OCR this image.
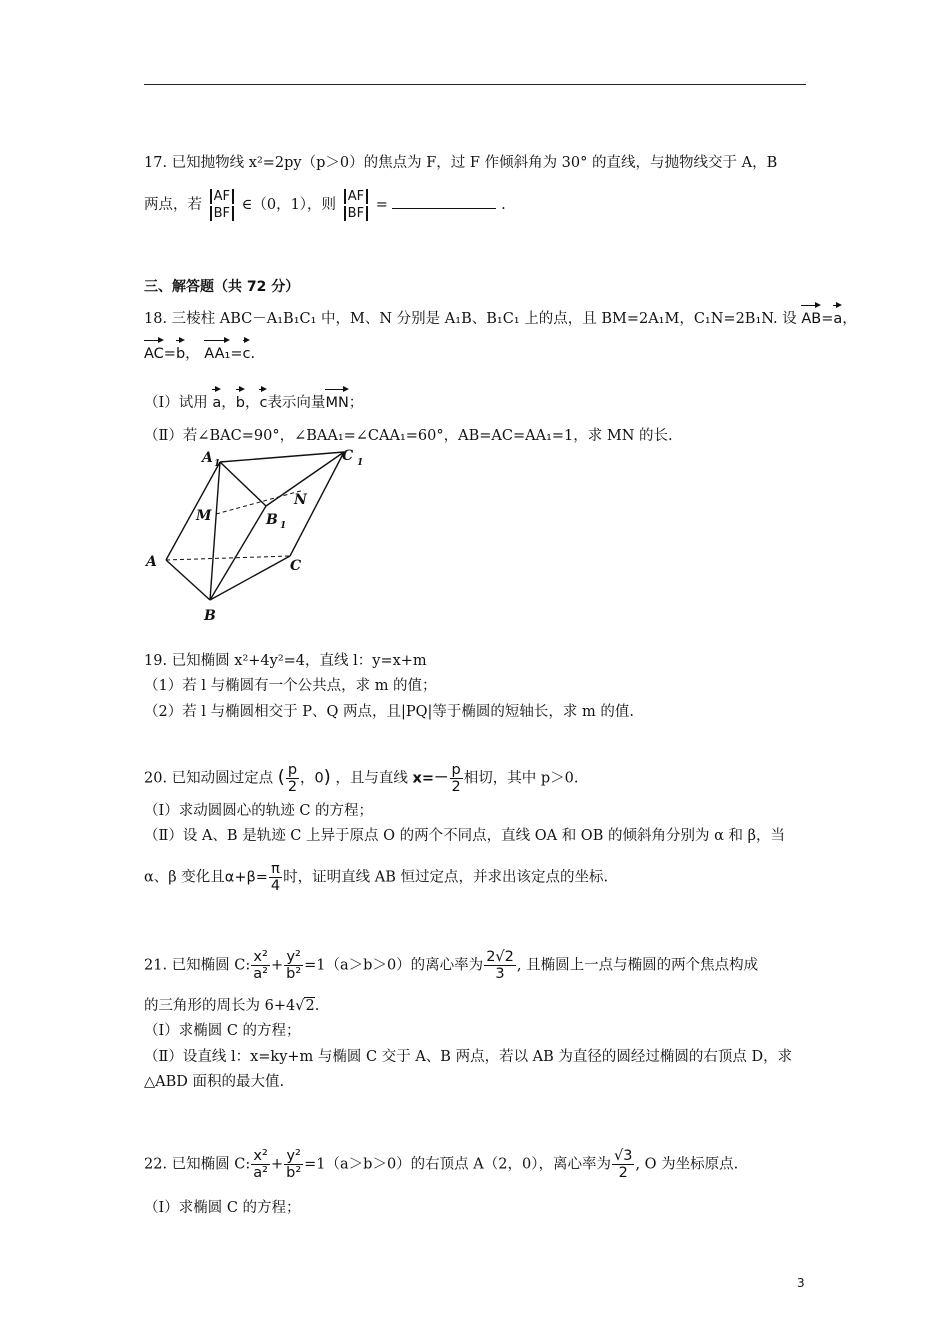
17. 已知抛物线 x²=2py（p＞0）的焦点为 F，过 F 作倾斜角为 30° 的直线，与抛物线交于 A，B
两点，若
AF
BF
∈（0，1），则
AF
BF
=	.
三、解答题（共 72 分）
18. 三棱柱 ABC－A₁B₁C₁ 中，M、N 分别是 A₁B、B₁C₁ 上的点，且 BM=2A₁M，C₁N=2B₁N. 设 AB=a，
AC=b， AA₁=c.
（Ⅰ）试用 a，b，c表示向量MN；
（Ⅱ）若∠BAC=90°，∠BAA₁=∠CAA₁=60°，AB=AC=AA₁=1，求 MN 的长.
A 1	C 1
M
N
B 1
A	C
B
19. 已知椭圆 x²+4y²=4，直线 l：y=x+m
（1）若 l 与椭圆有一个公共点，求 m 的值；
（2）若 l 与椭圆相交于 P、Q 两点，且|PQ|等于椭圆的短轴长，求 m 的值.
20. 已知动圆过定点 ( $\frac{p}{2}$ ，0) ，且与直线 $x=- \frac{p}{2}$ 相切，其中 p＞0.
（Ⅰ）求动圆圆心的轨迹 C 的方程；
（Ⅱ）设 A、B 是轨迹 C 上异于原点 O 的两个不同点，直线 OA 和 OB 的倾斜角分别为 α 和 β，当
α、β 变化且$\alpha+\beta= \frac{\pi}{4}$ 时，证明直线 AB 恒过定点，并求出该定点的坐标.
21. 已知椭圆 C: $\frac{\text{x²}}{\text{a²}} + \frac{\text{y²}}{\text{b²}} =1(a>b>0)$的离心率为 $\frac{2√2}{3}$ , 且椭圆上一点与椭圆的两个焦点构成
的三角形的周长为 6+4√2.
（Ⅰ）求椭圆 C 的方程；
（Ⅱ）设直线 l：x=ky+m 与椭圆 C 交于 A、B 两点，若以 AB 为直径的圆经过椭圆的右顶点 D，求
△ABD 面积的最大值.
22. 已知椭圆 C: $\frac{\text{x²}}{\text{a²}} + \frac{\text{y²}}{\text{b²}} =1(a>b>0)$的右顶点 A（2，0），离心率为 $\frac{√3}{2}$ , O 为坐标原点.
（Ⅰ）求椭圆 C 的方程；
3
